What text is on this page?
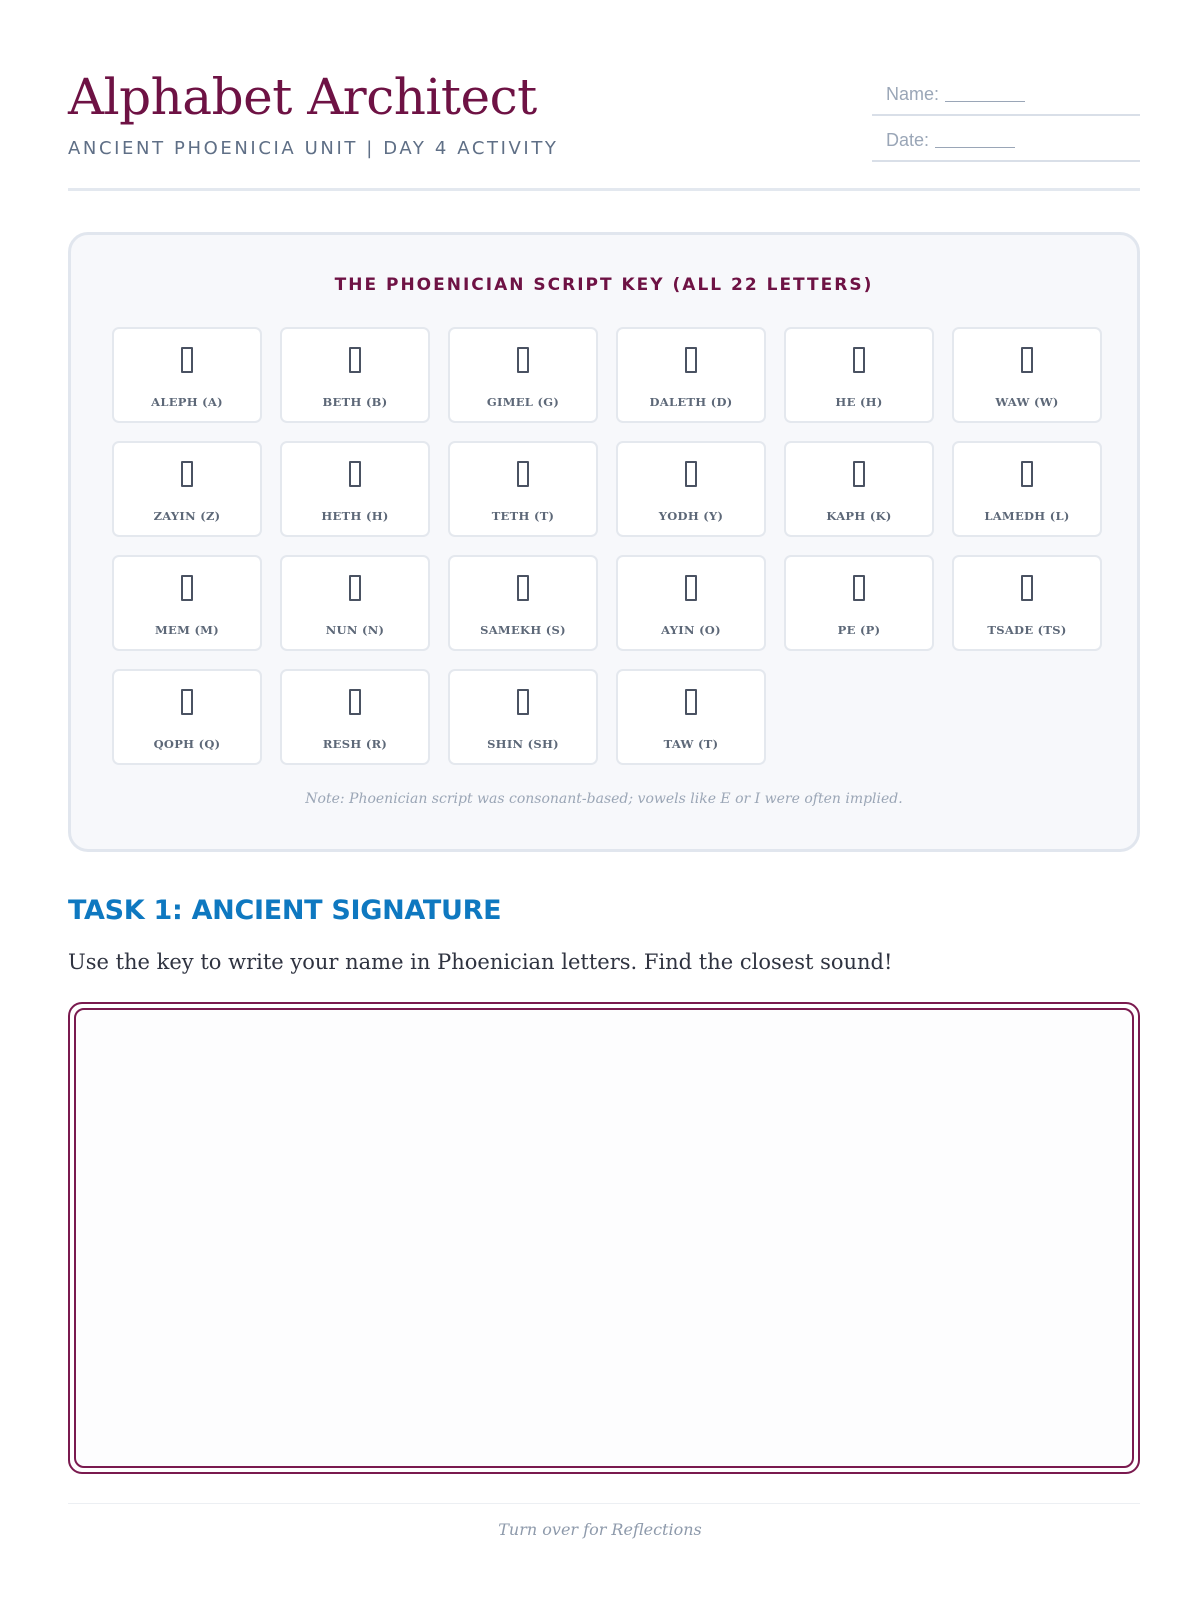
Alphabet Architect
ANCIENT PHOENICIA UNIT | DAY 4 ACTIVITY
Name:
Date:
THE PHOENICIAN SCRIPT KEY (ALL 22 LETTERS)
ALEPH (A)	BETH (B)	GIMEL (G)	DALETH (D)	HE (H)	WAW (W)
ZAYIN (Z)	HETH (H)	TETH (T)	YODH (Y)	KAPH (K)	LAMEDH (L)
MEM (M)	NUN (N)	SAMEKH (S)	AYIN (O)	PE (P)	TSADE (TS)
QOPH (Q)	RESH (R)	SHIN (SH)	TAW (T)
Note: Phoenician script was consonant-based; vowels like E or I were often implied.
TASK 1: ANCIENT SIGNATURE
Use the key to write your name in Phoenician letters. Find the closest sound!
Turn over for Reflections
